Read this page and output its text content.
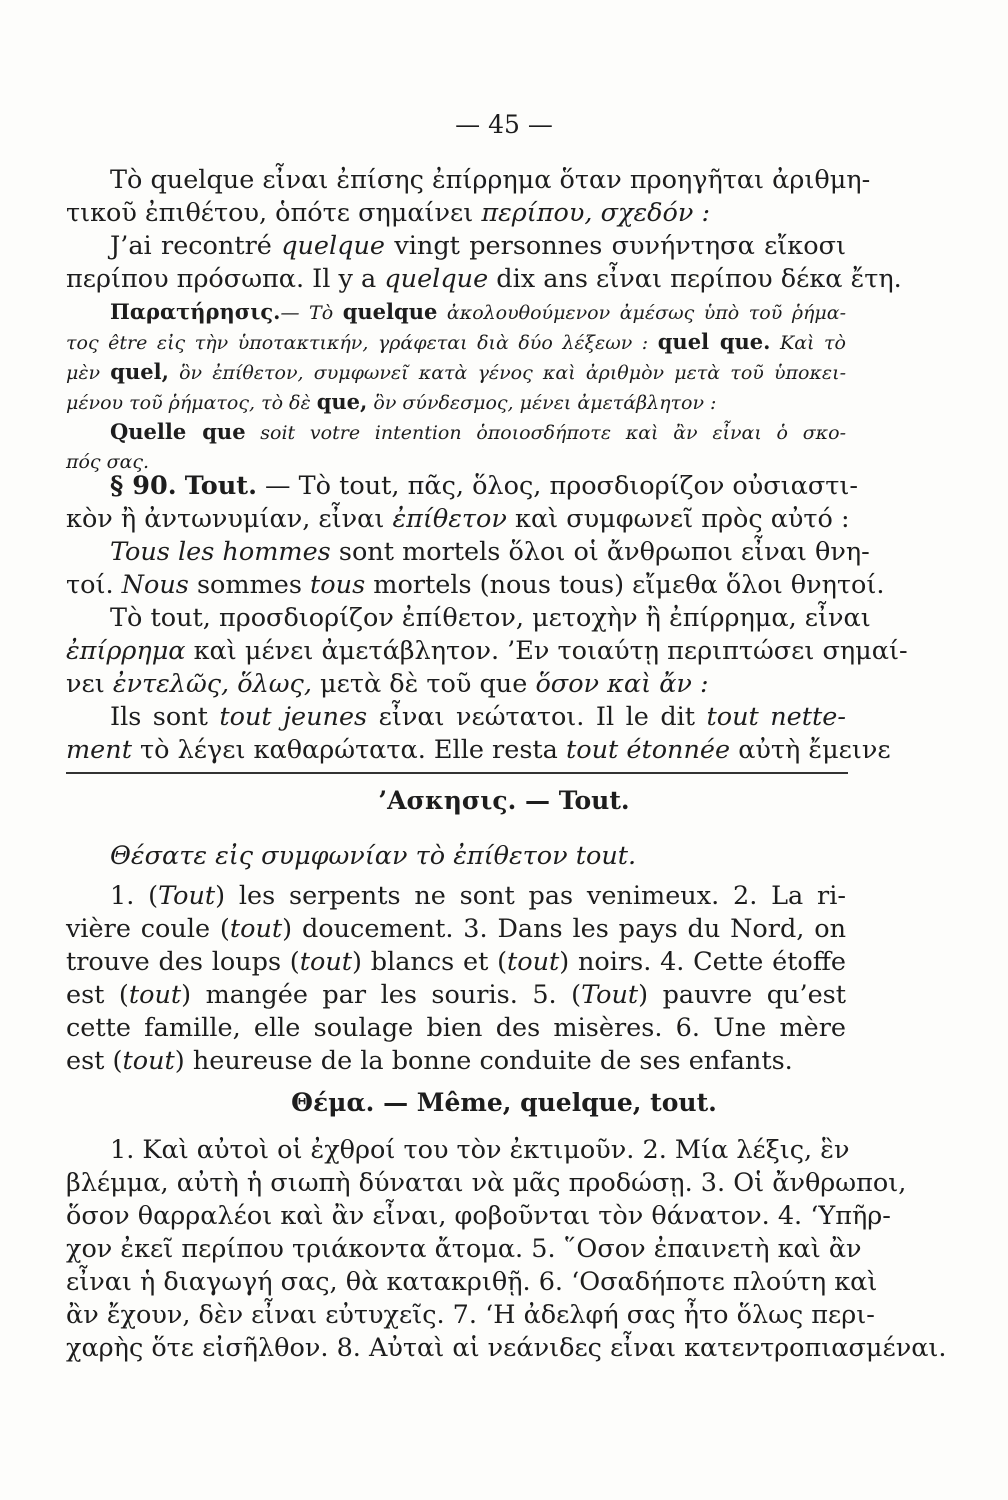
— 45 —
Τὸ quelque εἶναι ἐπίσης ἐπίρρημα ὅταν προηγῆται ἀριθμη-
τικοῦ ἐπιθέτου, ὁπότε σημαίνει περίπου, σχεδόν :
J’ai recontré quelque vingt personnes συνήντησα εἴκοσι
περίπου πρόσωπα. Il y a quelque dix ans εἶναι περίπου δέκα ἔτη.
Παρατήρησις.— Τὸ quelque ἀκολουθούμενον ἀμέσως ὑπὸ τοῦ ῥήμα-
τος être εἰς τὴν ὑποτακτικήν, γράφεται διὰ δύο λέξεων : quel que. Καὶ τὸ
μὲν quel, ὃν ἐπίθετον, συμφωνεῖ κατὰ γένος καὶ ἀριθμὸν μετὰ τοῦ ὑποκει-
μένου τοῦ ῥήματος, τὸ δὲ que, ὃν σύνδεσμος, μένει ἀμετάβλητον :
Quelle que soit votre intention ὁποιοσδήποτε καὶ ἂν εἶναι ὁ σκο-
πός σας.
§ 90. Tout. — Τὸ tout, πᾶς, ὅλος, προσδιορίζον οὐσιαστι-
κὸν ἢ ἀντωνυμίαν, εἶναι ἐπίθετον καὶ συμφωνεῖ πρὸς αὐτό :
Tous les hommes sont mortels ὅλοι οἱ ἄνθρωποι εἶναι θνη-
τοί. Nous sommes tous mortels (nous tous) εἴμεθα ὅλοι θνητοί.
Τὸ tout, προσδιορίζον ἐπίθετον, μετοχὴν ἢ ἐπίρρημα, εἶναι
ἐπίρρημα καὶ μένει ἀμετάβλητον. ’Εν τοιαύτῃ περιπτώσει σημαί-
νει ἐντελῶς, ὅλως, μετὰ δὲ τοῦ que ὅσον καὶ ἄν :
Ils sont tout jeunes εἶναι νεώτατοι. Il le dit tout nette-
ment τὸ λέγει καθαρώτατα. Elle resta tout étonnée αὐτὴ ἔμεινε
’Ασκησις. — Tout.
Θέσατε εἰς συμφωνίαν τὸ ἐπίθετον tout.
1. (Tout) les serpents ne sont pas venimeux. 2. La ri-
vière coule (tout) doucement. 3. Dans les pays du Nord, on
trouve des loups (tout) blancs et (tout) noirs. 4. Cette étoffe
est (tout) mangée par les souris. 5. (Tout) pauvre qu’est
cette famille, elle soulage bien des misères. 6. Une mère
est (tout) heureuse de la bonne conduite de ses enfants.
Θέμα. — Même, quelque, tout.
1. Καὶ αὐτοὶ οἱ ἐχθροί του τὸν ἐκτιμοῦν. 2. Μία λέξις, ἓν
βλέμμα, αὐτὴ ἡ σιωπὴ δύναται νὰ μᾶς προδώσῃ. 3. Οἱ ἄνθρωποι,
ὅσον θαρραλέοι καὶ ἂν εἶναι, φοβοῦνται τὸν θάνατον. 4. ‘Υπῆρ-
χον ἐκεῖ περίπου τριάκοντα ἄτομα. 5. ῞Οσον ἐπαινετὴ καὶ ἂν
εἶναι ἡ διαγωγή σας, θὰ κατακριθῇ. 6. ‘Οσαδήποτε πλούτη καὶ
ἂν ἔχουν, δὲν εἶναι εὐτυχεῖς. 7. ‘Η ἀδελφή σας ἦτο ὅλως περι-
χαρὴς ὅτε εἰσῆλθον. 8. Αὐταὶ αἱ νεάνιδες εἶναι κατεντροπιασμέναι.
